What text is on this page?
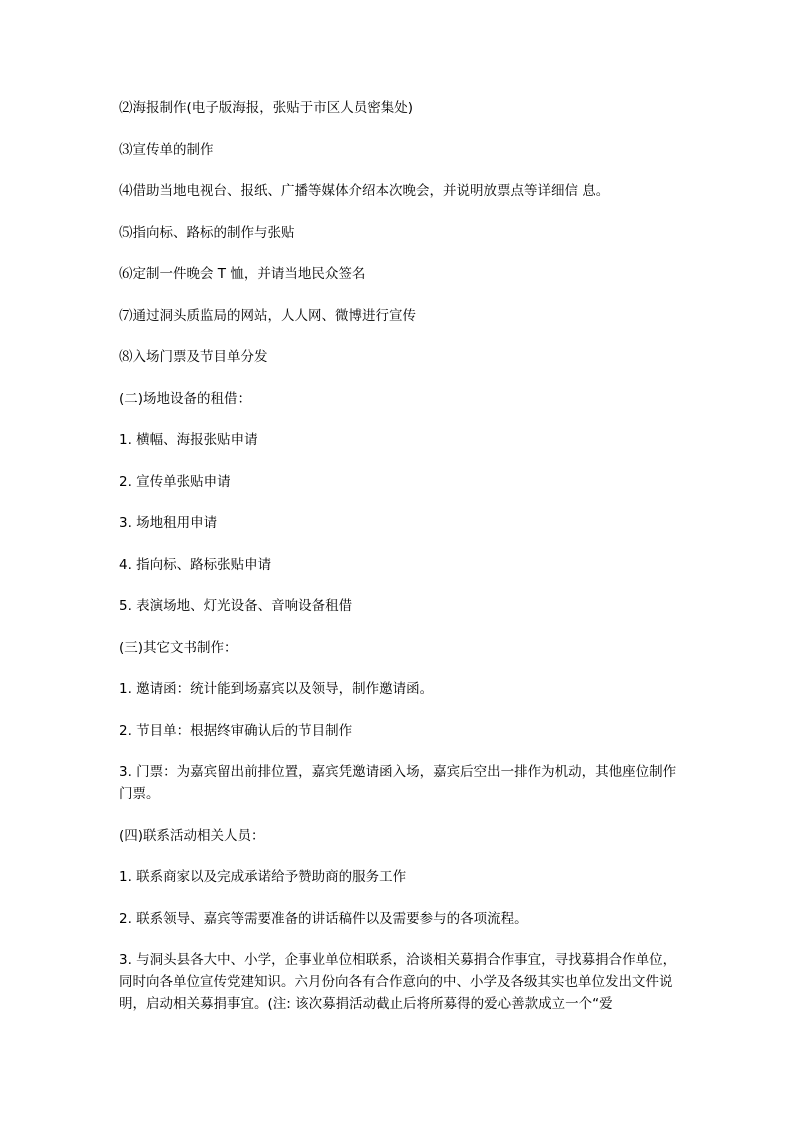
⑵海报制作(电子版海报，张贴于市区人员密集处)

⑶宣传单的制作

⑷借助当地电视台、报纸、广播等媒体介绍本次晚会，并说明放票点等详细信 息。

⑸指向标、路标的制作与张贴

⑹定制一件晚会 T 恤，并请当地民众签名

⑺通过洞头质监局的网站，人人网、微博进行宣传

⑻入场门票及节目单分发

(二)场地设备的租借：

1. 横幅、海报张贴申请

2. 宣传单张贴申请

3. 场地租用申请

4. 指向标、路标张贴申请

5. 表演场地、灯光设备、音响设备租借

(三)其它文书制作：

1. 邀请函：统计能到场嘉宾以及领导，制作邀请函。

2. 节目单：根据终审确认后的节目制作

3. 门票：为嘉宾留出前排位置，嘉宾凭邀请函入场，嘉宾后空出一排作为机动，其他座位制作门票。

(四)联系活动相关人员：

1. 联系商家以及完成承诺给予赞助商的服务工作

2. 联系领导、嘉宾等需要准备的讲话稿件以及需要参与的各项流程。

3. 与洞头县各大中、小学，企事业单位相联系，洽谈相关募捐合作事宜，寻找募捐合作单位，同时向各单位宣传党建知识。六月份向各有合作意向的中、小学及各级其实也单位发出文件说明，启动相关募捐事宜。(注: 该次募捐活动截止后将所募得的爱心善款成立一个“爱
